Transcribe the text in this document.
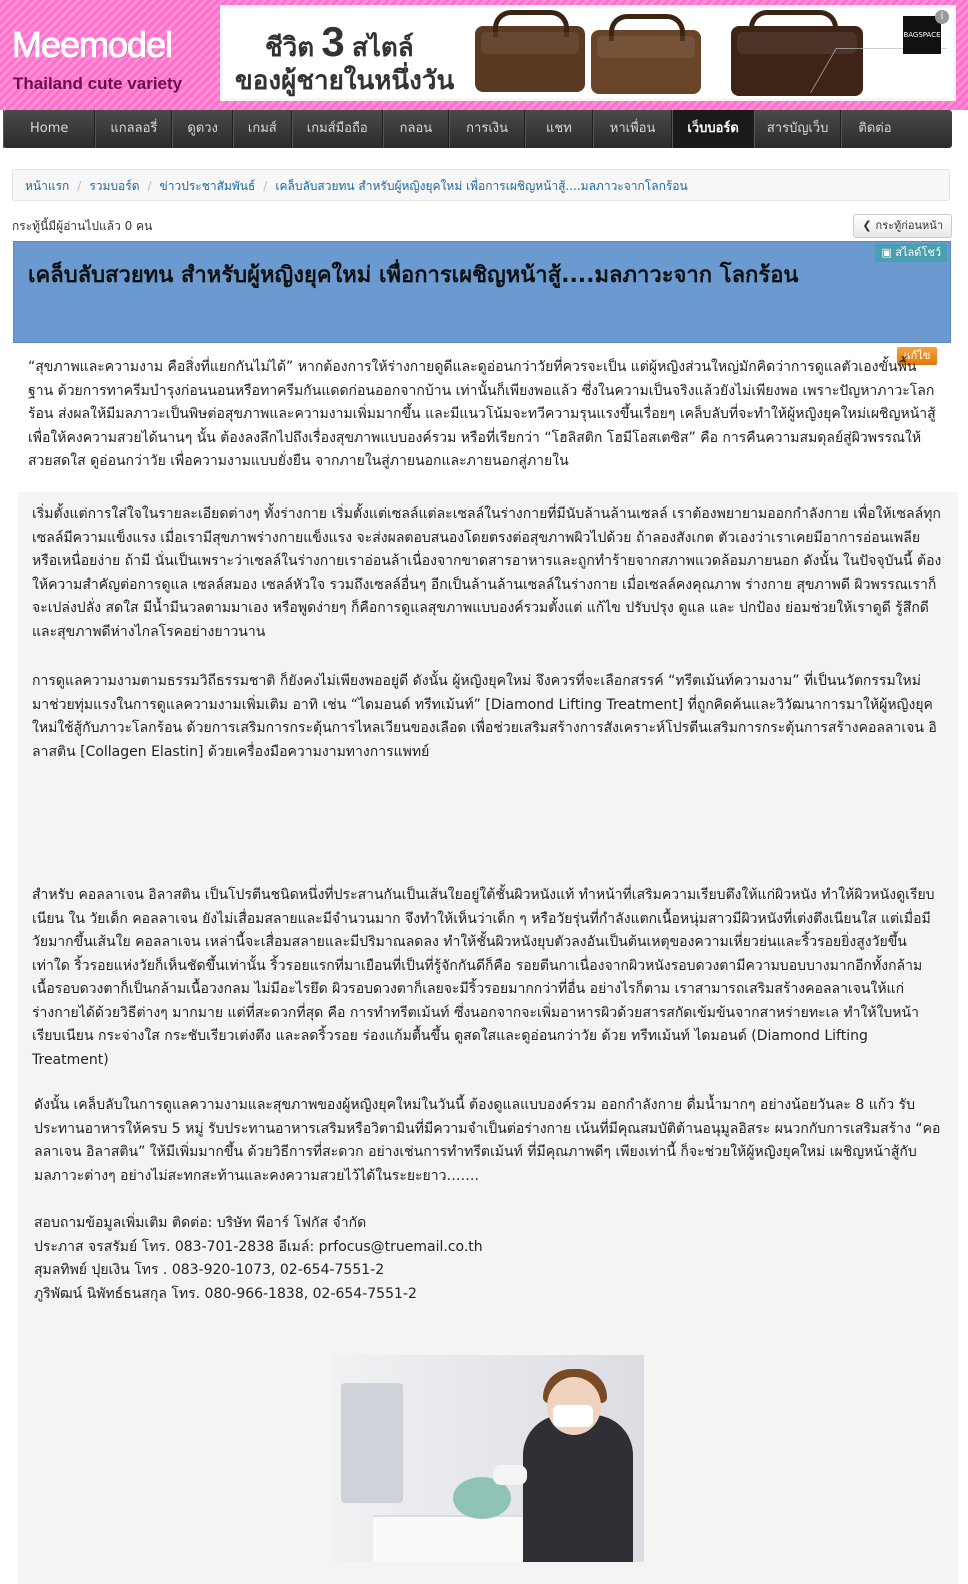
Meemodel
Thailand cute variety
ชีวิต 3 สไตล์
ของผู้ชายในหนึ่งวัน
BAGSPACE
i
Home	แกลลอรี่	ดูดวง	เกมส์	เกมส์มือถือ	กลอน	การเงิน	แชท	หาเพื่อน	เว็บบอร์ด	สารบัญเว็บ	ติดต่อ
หน้าแรก / รวมบอร์ด / ข่าวประชาสัมพันธ์ / เคล็บลับสวยทน สำหรับผู้หญิงยุคใหม่ เพื่อการเผชิญหน้าสู้....มลภาวะจากโลกร้อน
กระทู้นี้มีผู้อ่านไปแล้ว 0 คน	❮ กระทู้ก่อนหน้า
เคล็บลับสวยทน สำหรับผู้หญิงยุคใหม่ เพื่อการเผชิญหน้าสู้....มลภาวะจาก โลกร้อน
▣ สไลด์โชว์
แก้ไข
“สุขภาพและความงาม คือสิ่งที่แยกกันไม่ได้” หากต้องการให้ร่างกายดูดีและดูอ่อนกว่าวัยที่ควรจะเป็น แต่ผู้หญิงส่วนใหญ่มักคิดว่าการดูแลตัวเองขั้นพื้นฐาน ด้วยการทาครีมบำรุงก่อนนอนหรือทาครีมกันแดดก่อนออกจากบ้าน เท่านั้นก็เพียงพอแล้ว ซึ่งในความเป็นจริงแล้วยังไม่เพียงพอ เพราะปัญหาภาวะโลกร้อน ส่งผลให้มีมลภาวะเป็นพิษต่อสุขภาพและความงามเพิ่มมากขึ้น และมีแนวโน้มจะทวีความรุนแรงขึ้นเรื่อยๆ เคล็บลับที่จะทำให้ผู้หญิงยุคใหม่เผชิญหน้าสู้ เพื่อให้คงความสวยได้นานๆ นั้น ต้องลงลึกไปถึงเรื่องสุขภาพแบบองค์รวม หรือที่เรียกว่า “โฮลิสติก โฮมีโอสเตซิส” คือ การคืนความสมดุลย์สู่ผิวพรรณให้สวยสดใส ดูอ่อนกว่าวัย เพื่อความงามแบบยั่งยืน จากภายในสู่ภายนอกและภายนอกสู่ภายใน
เริ่มตั้งแต่การใส่ใจในรายละเอียดต่างๆ ทั้งร่างกาย เริ่มตั้งแต่เซลล์แต่ละเซลล์ในร่างกายที่มีนับล้านล้านเซลล์ เราต้องพยายามออกกำลังกาย เพื่อให้เซลล์ทุกเซลล์มีความแข็งแรง เมื่อเรามีสุขภาพร่างกายแข็งแรง จะส่งผลตอบสนองโดยตรงต่อสุขภาพผิวไปด้วย ถ้าลองสังเกต ตัวเองว่าเราเคยมีอาการอ่อนเพลียหรือเหนื่อยง่าย ถ้ามี นั่นเป็นเพราะว่าเซลล์ในร่างกายเราอ่อนล้าเนื่องจากขาดสารอาหารและถูกทำร้ายจากสภาพแวดล้อมภายนอก ดังนั้น ในปัจจุบันนี้ ต้องให้ความสำคัญต่อการดูแล เซลล์สมอง เซลล์หัวใจ รวมถึงเซลล์อื่นๆ อีกเป็นล้านล้านเซลล์ในร่างกาย เมื่อเซลล์คงคุณภาพ ร่างกาย สุขภาพดี ผิวพรรณเราก็จะเปล่งปลั่ง สดใส มีน้ำมีนวลตามมาเอง หรือพูดง่ายๆ ก็คือการดูแลสุขภาพแบบองค์รวมตั้งแต่ แก้ไข ปรับปรุง ดูแล และ ปกป้อง ย่อมช่วยให้เราดูดี รู้สึกดี และสุขภาพดีห่างไกลโรคอย่างยาวนาน
การดูแลความงามตามธรรมวิถีธรรมชาติ ก็ยังคงไม่เพียงพออยู่ดี ดังนั้น ผู้หญิงยุคใหม่ จึงควรที่จะเลือกสรรค์ “ทรีตเม้นท์ความงาม” ที่เป็นนวัตกรรมใหม่ มาช่วยทุ่มแรงในการดูแลความงามเพิ่มเติม อาทิ เช่น “ไดมอนด์ ทรีทเม้นท์” [Diamond Lifting Treatment] ที่ถูกคิดค้นและวิวัฒนาการมาให้ผู้หญิงยุคใหม่ใช้สู้กับภาวะโลกร้อน ด้วยการเสริมการกระตุ้นการไหลเวียนของเลือด เพื่อช่วยเสริมสร้างการสังเคราะห์โปรตีนเสริมการกระตุ้นการสร้างคอลลาเจน อิลาสติน [Collagen Elastin] ด้วยเครื่องมือความงามทางการแพทย์
สำหรับ คอลลาเจน อิลาสติน เป็นโปรตีนชนิดหนึ่งที่ประสานกันเป็นเส้นใยอยู่ใต้ชั้นผิวหนังแท้ ทำหน้าที่เสริมความเรียบตึงให้แก่ผิวหนัง ทำให้ผิวหนังดูเรียบ เนียน ใน วัยเด็ก คอลลาเจน ยังไม่เสื่อมสลายและมีจำนวนมาก จึงทำให้เห็นว่าเด็ก ๆ หรือวัยรุ่นที่กำลังแตกเนื้อหนุ่มสาวมีผิวหนังที่เต่งตึงเนียนใส แต่เมื่อมีวัยมากขึ้นเส้นใย คอลลาเจน เหล่านี้จะเสื่อมสลายและมีปริมาณลดลง ทำให้ชั้นผิวหนังยุบตัวลงอันเป็นต้นเหตุของความเหี่ยวย่นและริ้วรอยยิ่งสูงวัยขึ้นเท่าใด ริ้วรอยแห่งวัยก็เห็นชัดขึ้นเท่านั้น ริ้วรอยแรกที่มาเยือนที่เป็นที่รู้จักกันดีก็คือ รอยตีนกาเนื่องจากผิวหนังรอบดวงตามีความบอบบางมากอีกทั้งกล้ามเนื้อรอบดวงตาก็เป็นกล้ามเนื้อวงกลม ไม่มีอะไรยึด ผิวรอบดวงตาก็เลยจะมีริ้วรอยมากกว่าที่อื่น อย่างไรก็ตาม เราสามารถเสริมสร้างคอลลาเจนให้แก่ร่างกายได้ด้วยวิธีต่างๆ มากมาย แต่ที่สะดวกที่สุด คือ การทำทรีตเม้นท์ ซึ่งนอกจากจะเพิ่มอาหารผิวด้วยสารสกัดเข้มข้นจากสาหร่ายทะเล ทำให้ใบหน้าเรียบเนียน กระจ่างใส กระชับเรียวเต่งตึง และลดริ้วรอย ร่องแก้มตื้นขึ้น ดูสดใสและดูอ่อนกว่าวัย ด้วย ทรีทเม้นท์ ไดมอนด์ (Diamond Lifting Treatment)
ดังนั้น เคล็บลับในการดูแลความงามและสุขภาพของผู้หญิงยุคใหม่ในวันนี้ ต้องดูแลแบบองค์รวม ออกกำลังกาย ดื่มน้ำมากๆ อย่างน้อยวันละ 8 แก้ว รับประทานอาหารให้ครบ 5 หมู่ รับประทานอาหารเสริมหรือวิตามินที่มีความจำเป็นต่อร่างกาย เน้นที่มีคุณสมบัติต้านอนุมูลอิสระ ผนวกกับการเสริมสร้าง “คอลลาเจน อิลาสติน” ให้มีเพิ่มมากขึ้น ด้วยวิธีการที่สะดวก อย่างเช่นการทำทรีตเม้นท์ ที่มีคุณภาพดีๆ เพียงเท่านี้ ก็จะช่วยให้ผู้หญิงยุคใหม่ เผชิญหน้าสู้กับมลภาวะต่างๆ อย่างไม่สะทกสะท้านและคงความสวยไว้ได้ในระยะยาว…….
สอบถามข้อมูลเพิ่มเติม ติดต่อ: บริษัท พีอาร์ โฟกัส จำกัด
ประภาส จรสรัมย์ โทร. 083-701-2838 อีเมล์: prfocus@truemail.co.th
สุมลทิพย์ ปุยเงิน โทร . 083-920-1073, 02-654-7551-2
ภูริพัฒน์ นิพัทธ์ธนสกุล โทร. 080-966-1838, 02-654-7551-2
